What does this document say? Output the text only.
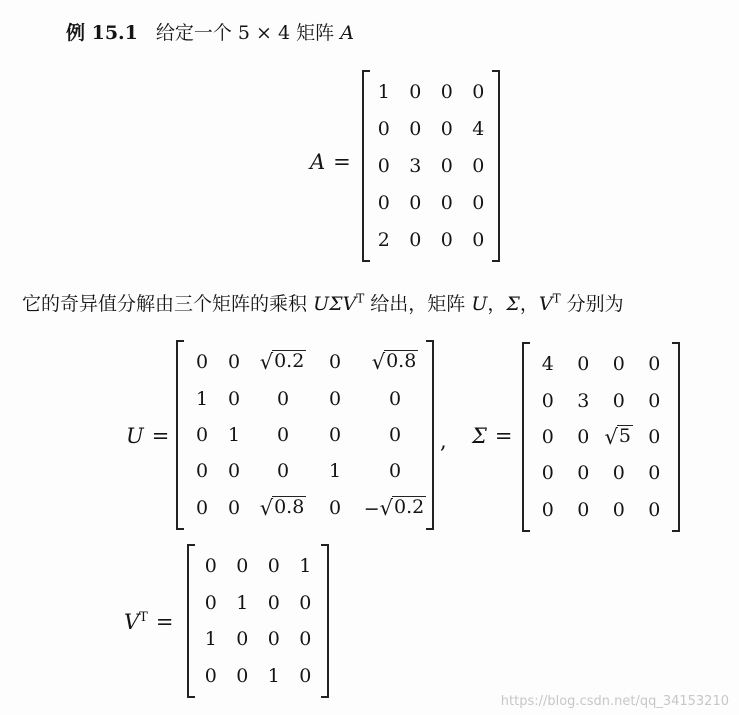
例 15.1 给定一个 5 × 4 矩阵 A
A =
1 0 0 0
0 0 0 4
0 3 0 0
0 0 0 0
2 0 0 0
它的奇异值分解由三个矩阵的乘积 $U\Sigma V^T$ 给出，矩阵 U，Σ，$V^T$ 分别为
U =
0 0 √ 0.2 0 √ 0.8
1 0 0 0	0
0 1 0 0	0
0 0 0 1	0
0 0 √ 0.8 0 − √ 0.2
, Σ =
4 0 0 0
0 3 0 0
0 0 √ 5 0
0 0 0 0
0 0 0 0
$V^T$ =
0 0 0 1
0 1 0 0
1 0 0 0
0 0 1 0
https://blog.csdn.net/qq_34153210
